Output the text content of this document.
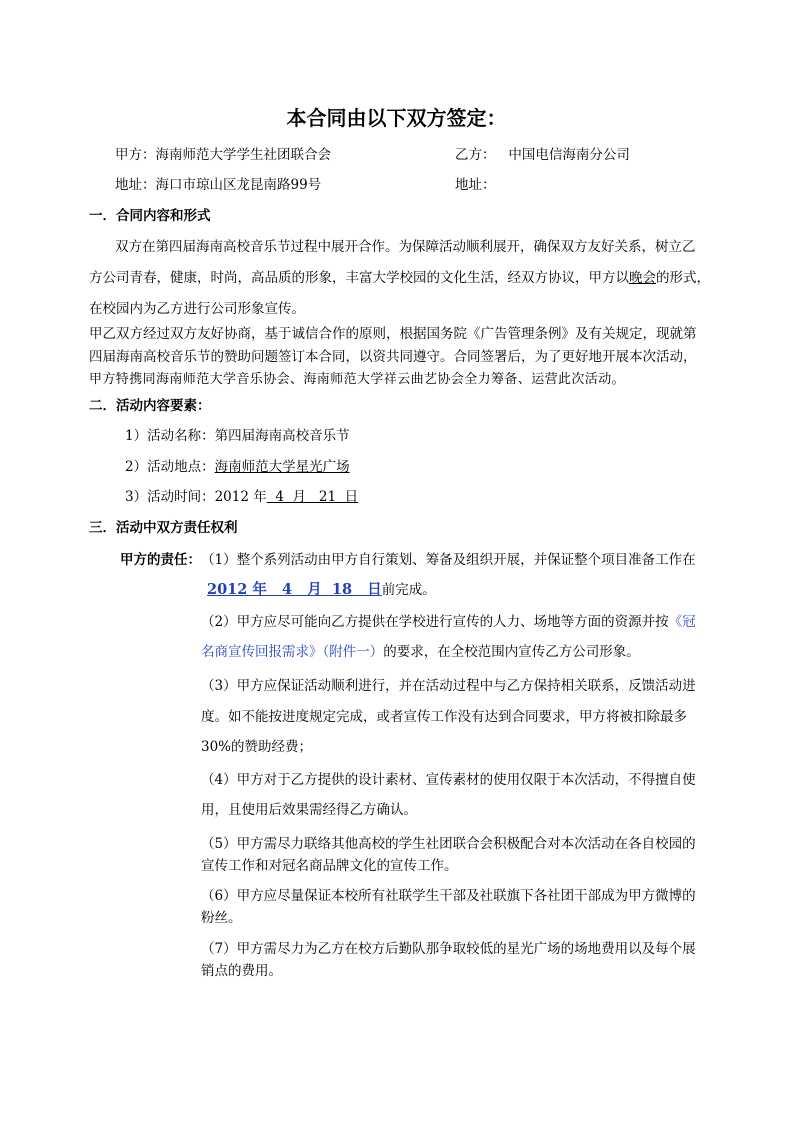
本合同由以下双方签定：
甲方：海南师范大学学生社团联合会	乙方： 中国电信海南分公司
地址：海口市琼山区龙昆南路99号	地址：
一．合同内容和形式
双方在第四届海南高校音乐节过程中展开合作。为保障活动顺利展开，确保双方友好关系，树立乙
方公司青春，健康，时尚，高品质的形象，丰富大学校园的文化生活，经双方协议，甲方以晚会的形式，
在校园内为乙方进行公司形象宣传。
甲乙双方经过双方友好协商，基于诚信合作的原则，根据国务院《广告管理条例》及有关规定，现就第
四届海南高校音乐节的赞助问题签订本合同，以资共同遵守。合同签署后，为了更好地开展本次活动，
甲方特携同海南师范大学音乐协会、海南师范大学祥云曲艺协会全力筹备、运营此次活动。
二．活动内容要素：
1）活动名称：第四届海南高校音乐节
2）活动地点：海南师范大学星光广场
3）活动时间：2012 年  4  月   21  日
三．活动中双方责任权利
甲方的责任： （1）整个系列活动由甲方自行策划、筹备及组织开展，并保证整个项目准备工作在
2012 年   4   月  18   日前完成。
（2）甲方应尽可能向乙方提供在学校进行宣传的人力、场地等方面的资源并按《冠
名商宣传回报需求》（附件一）的要求，在全校范围内宣传乙方公司形象。
（3）甲方应保证活动顺利进行，并在活动过程中与乙方保持相关联系，反馈活动进
度。如不能按进度规定完成，或者宣传工作没有达到合同要求，甲方将被扣除最多
30%的赞助经费；
（4）甲方对于乙方提供的设计素材、宣传素材的使用仅限于本次活动，不得擅自使
用，且使用后效果需经得乙方确认。
（5）甲方需尽力联络其他高校的学生社团联合会积极配合对本次活动在各自校园的
宣传工作和对冠名商品牌文化的宣传工作。
（6）甲方应尽量保证本校所有社联学生干部及社联旗下各社团干部成为甲方微博的
粉丝。
（7）甲方需尽力为乙方在校方后勤队那争取较低的星光广场的场地费用以及每个展
销点的费用。
